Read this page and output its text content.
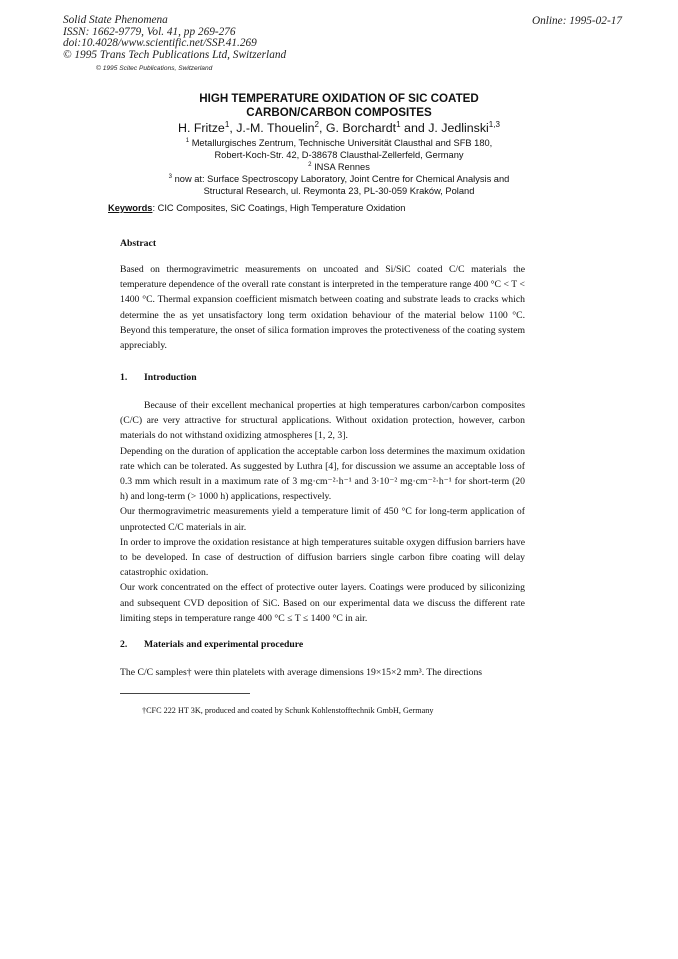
Solid State Phenomena
ISSN: 1662-9779, Vol. 41, pp 269-276
doi:10.4028/www.scientific.net/SSP.41.269
© 1995 Trans Tech Publications Ltd, Switzerland
© 1995 Scitec Publications, Switzerland
Online: 1995-02-17
HIGH TEMPERATURE OXIDATION OF SIC COATED
CARBON/CARBON COMPOSITES
H. Fritze$^1$, J.-M. Thouelin$^2$, G. Borchardt$^1$ and J. Jedlinski$^{1,3}$
$^1$ Metallurgisches Zentrum, Technische Universität Clausthal and SFB 180,
Robert-Koch-Str. 42, D-38678 Clausthal-Zellerfeld, Germany
$^2$ INSA Rennes
$^3$ now at: Surface Spectroscopy Laboratory, Joint Centre for Chemical Analysis and
Structural Research, ul. Reymonta 23, PL-30-059 Kraków, Poland
Keywords: CIC Composites, SiC Coatings, High Temperature Oxidation
Abstract

Based on thermogravimetric measurements on uncoated and Si/SiC coated C/C materials the temperature dependence of the overall rate constant is interpreted in the temperature range 400 °C < T < 1400 °C. Thermal expansion coefficient mismatch between coating and substrate leads to cracks which determine the as yet unsatisfactory long term oxidation behaviour of the material below 1100 °C. Beyond this temperature, the onset of silica formation improves the protectiveness of the coating system appreciably.

1. Introduction

Because of their excellent mechanical properties at high temperatures carbon/carbon composites (C/C) are very attractive for structural applications. Without oxidation protection, however, carbon materials do not withstand oxidizing atmospheres [1, 2, 3].

Depending on the duration of application the acceptable carbon loss determines the maximum oxidation rate which can be tolerated. As suggested by Luthra [4], for discussion we assume an acceptable loss of 0.3 mm which result in a maximum rate of 3 mg·cm⁻²·h⁻¹ and 3·10⁻² mg·cm⁻²·h⁻¹ for short-term (20 h) and long-term (> 1000 h) applications, respectively.

Our thermogravimetric measurements yield a temperature limit of 450 °C for long-term application of unprotected C/C materials in air.

In order to improve the oxidation resistance at high temperatures suitable oxygen diffusion barriers have to be developed. In case of destruction of diffusion barriers single carbon fibre coating will delay catastrophic oxidation.

Our work concentrated on the effect of protective outer layers. Coatings were produced by siliconizing and subsequent CVD deposition of SiC. Based on our experimental data we discuss the different rate limiting steps in temperature range 400 °C ≤ T ≤ 1400 °C in air.

2. Materials and experimental procedure

The C/C samples† were thin platelets with average dimensions 19×15×2 mm³. The directions

†CFC 222 HT 3K, produced and coated by Schunk Kohlenstofftechnik GmbH, Germany
